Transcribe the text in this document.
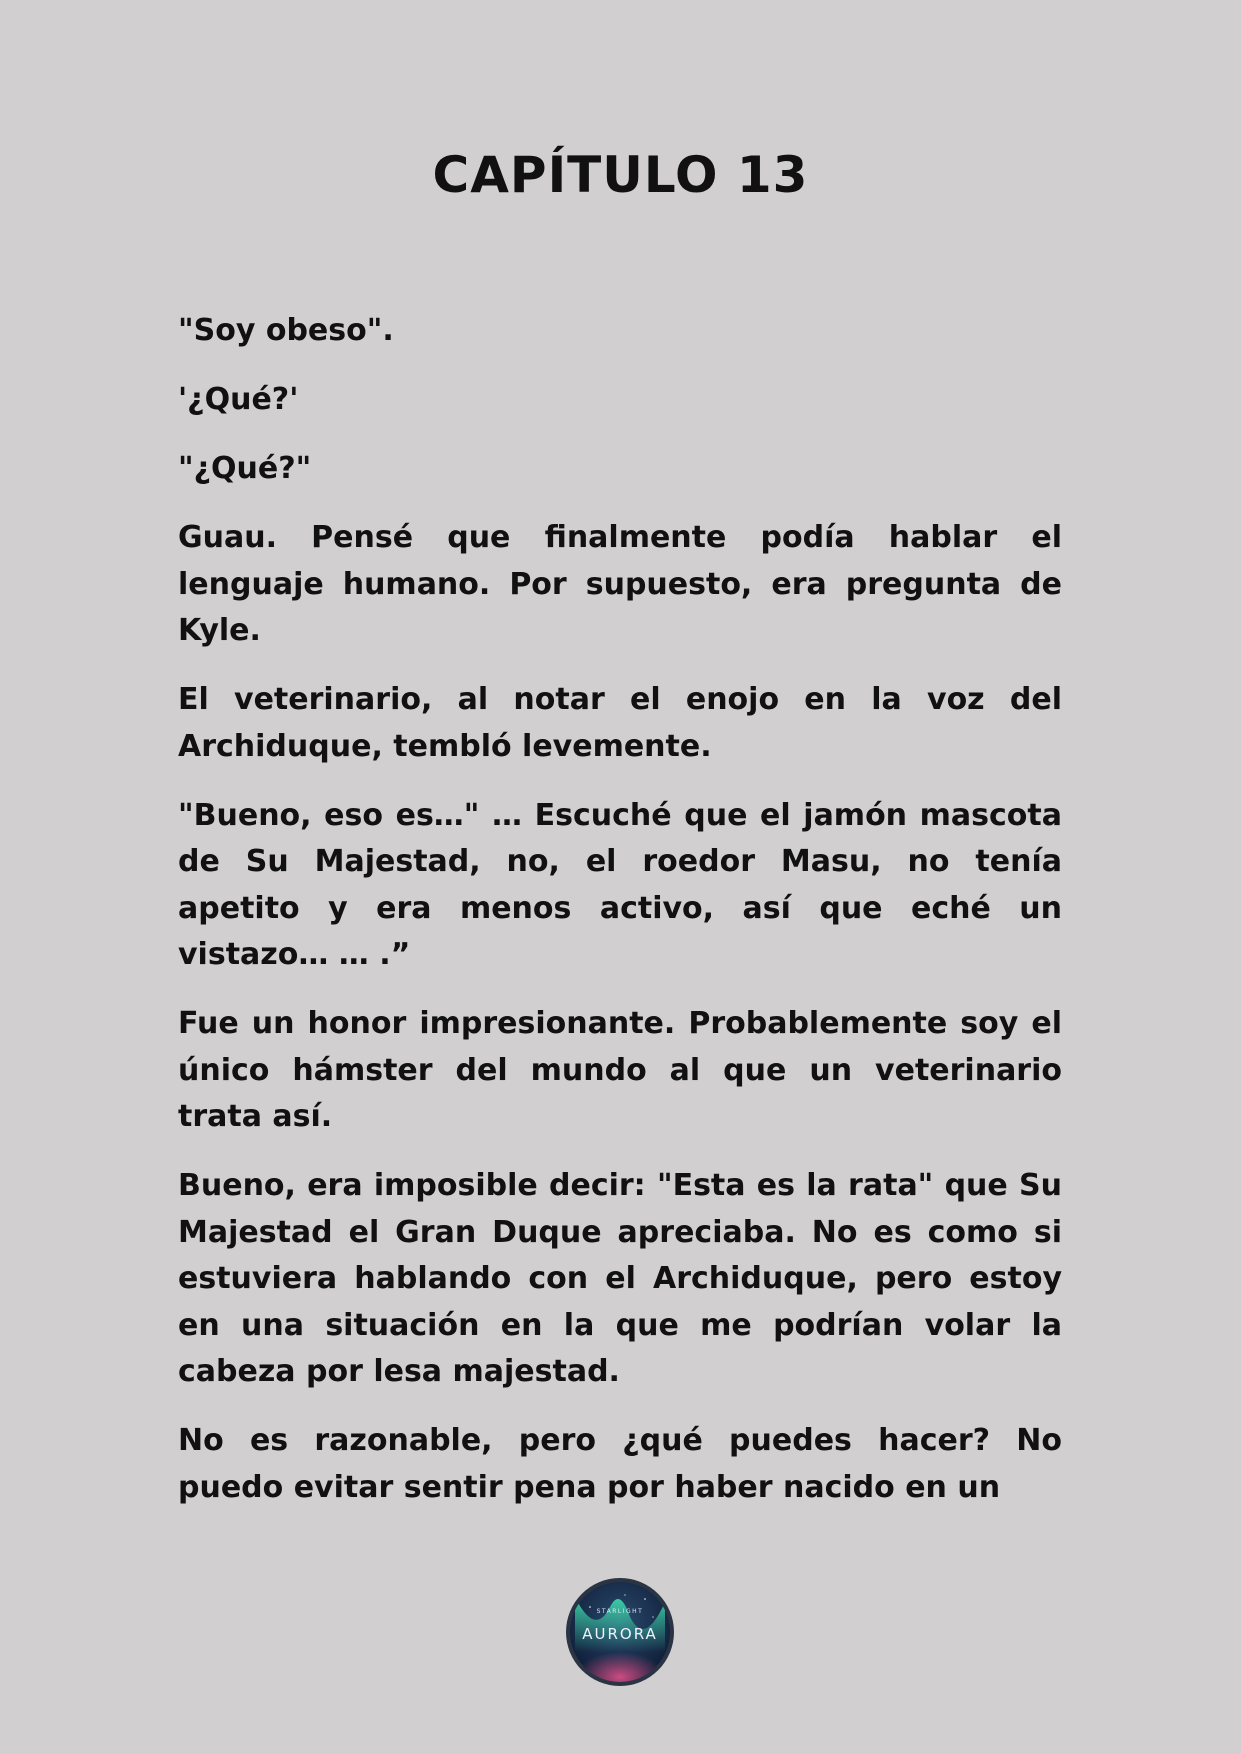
CAPÍTULO 13

"Soy obeso".

'¿Qué?'

"¿Qué?"

Guau. Pensé que finalmente podía hablar el lenguaje humano. Por supuesto, era pregunta de Kyle.

El veterinario, al notar el enojo en la voz del Archiduque, tembló levemente.

"Bueno, eso es…" … Escuché que el jamón mascota de Su Majestad, no, el roedor Masu, no tenía apetito y era menos activo, así que eché un vistazo… … .”

Fue un honor impresionante. Probablemente soy el único hámster del mundo al que un veterinario trata así.

Bueno, era imposible decir: "Esta es la rata" que Su Majestad el Gran Duque apreciaba. No es como si estuviera hablando con el Archiduque, pero estoy en una situación en la que me podrían volar la cabeza por lesa majestad.

No es razonable, pero ¿qué puedes hacer? No puedo evitar sentir pena por haber nacido en un

STARLIGHT
AURORA
